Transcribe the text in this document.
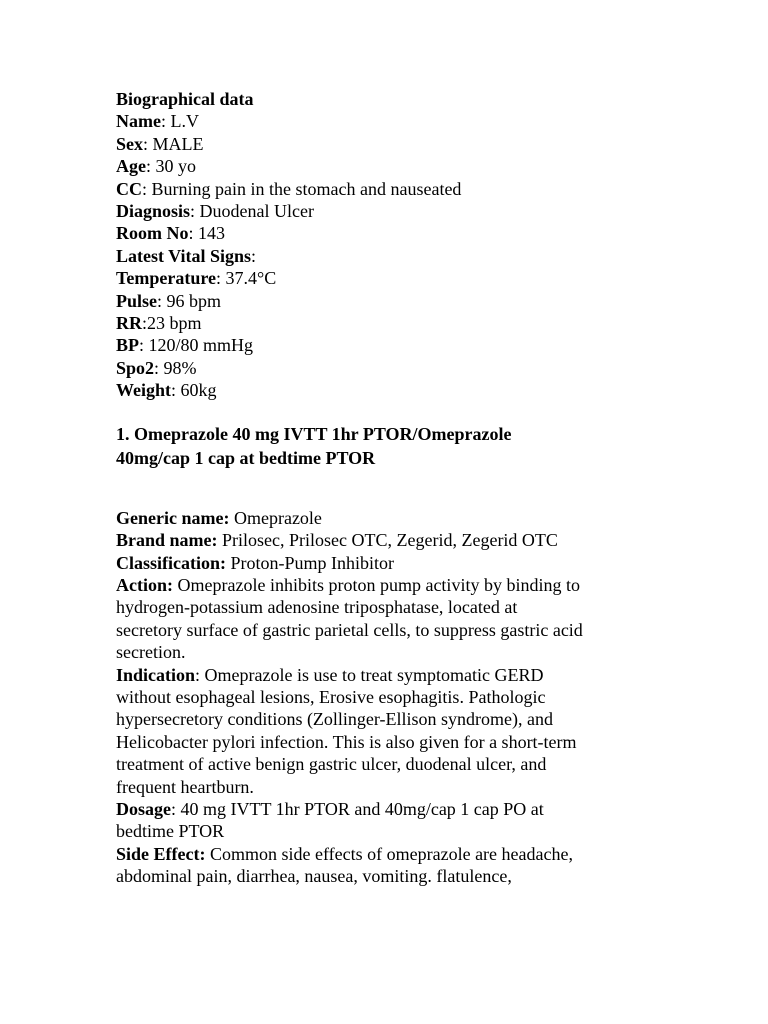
Biographical data
Name: L.V
Sex: MALE
Age: 30 yo
CC: Burning pain in the stomach and nauseated
Diagnosis: Duodenal Ulcer
Room No: 143
Latest Vital Signs:
Temperature: 37.4°C
Pulse: 96 bpm
RR:23 bpm
BP: 120/80 mmHg
Spo2: 98%
Weight: 60kg
1. Omeprazole 40 mg IVTT 1hr PTOR/Omeprazole
40mg/cap 1 cap at bedtime PTOR
Generic name: Omeprazole
Brand name: Prilosec, Prilosec OTC, Zegerid, Zegerid OTC
Classification: Proton-Pump Inhibitor
Action: Omeprazole inhibits proton pump activity by binding to
hydrogen-potassium adenosine triposphatase, located at
secretory surface of gastric parietal cells, to suppress gastric acid
secretion.
Indication: Omeprazole is use to treat symptomatic GERD
without esophageal lesions, Erosive esophagitis. Pathologic
hypersecretory conditions (Zollinger-Ellison syndrome), and
Helicobacter pylori infection. This is also given for a short-term
treatment of active benign gastric ulcer, duodenal ulcer, and
frequent heartburn.
Dosage: 40 mg IVTT 1hr PTOR and 40mg/cap 1 cap PO at
bedtime PTOR
Side Effect: Common side effects of omeprazole are headache,
abdominal pain, diarrhea, nausea, vomiting. flatulence,
